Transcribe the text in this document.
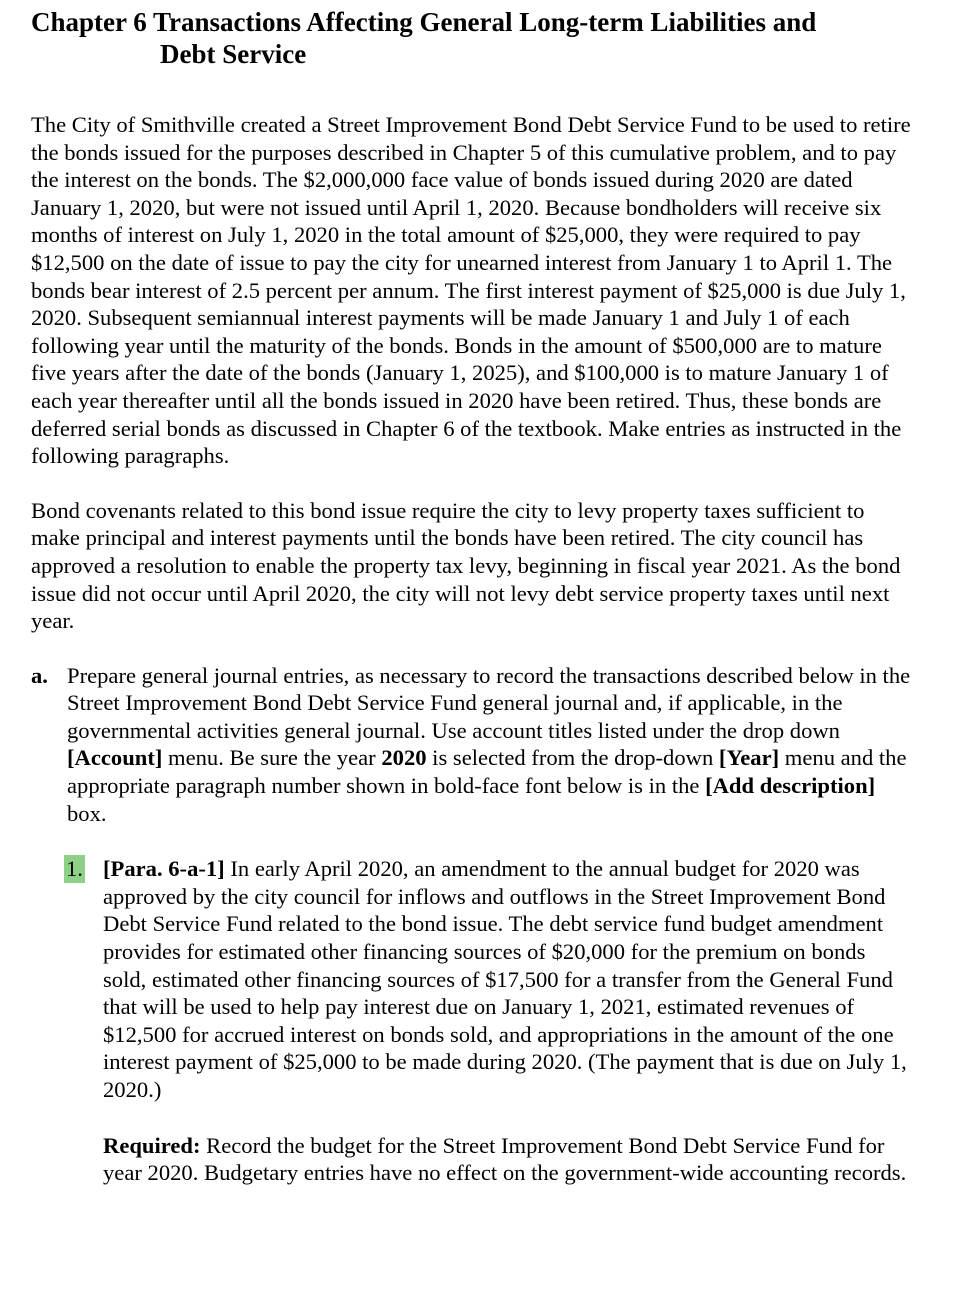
Chapter 6 Transactions Affecting General Long-term Liabilities and
Debt Service

The City of Smithville created a Street Improvement Bond Debt Service Fund to be used to retire the bonds issued for the purposes described in Chapter 5 of this cumulative problem, and to pay the interest on the bonds. The $2,000,000 face value of bonds issued during 2020 are dated January 1, 2020, but were not issued until April 1, 2020. Because bondholders will receive six months of interest on July 1, 2020 in the total amount of $25,000, they were required to pay $12,500 on the date of issue to pay the city for unearned interest from January 1 to April 1. The bonds bear interest of 2.5 percent per annum. The first interest payment of $25,000 is due July 1, 2020. Subsequent semiannual interest payments will be made January 1 and July 1 of each following year until the maturity of the bonds. Bonds in the amount of $500,000 are to mature five years after the date of the bonds (January 1, 2025), and $100,000 is to mature January 1 of each year thereafter until all the bonds issued in 2020 have been retired. Thus, these bonds are deferred serial bonds as discussed in Chapter 6 of the textbook. Make entries as instructed in the following paragraphs.

Bond covenants related to this bond issue require the city to levy property taxes sufficient to make principal and interest payments until the bonds have been retired. The city council has approved a resolution to enable the property tax levy, beginning in fiscal year 2021. As the bond issue did not occur until April 2020, the city will not levy debt service property taxes until next year.

a. Prepare general journal entries, as necessary to record the transactions described below in the Street Improvement Bond Debt Service Fund general journal and, if applicable, in the governmental activities general journal. Use account titles listed under the drop down [Account] menu. Be sure the year 2020 is selected from the drop-down [Year] menu and the appropriate paragraph number shown in bold-face font below is in the [Add description] box.
1. [Para. 6-a-1] In early April 2020, an amendment to the annual budget for 2020 was approved by the city council for inflows and outflows in the Street Improvement Bond Debt Service Fund related to the bond issue. The debt service fund budget amendment provides for estimated other financing sources of $20,000 for the premium on bonds sold, estimated other financing sources of $17,500 for a transfer from the General Fund that will be used to help pay interest due on January 1, 2021, estimated revenues of $12,500 for accrued interest on bonds sold, and appropriations in the amount of the one interest payment of $25,000 to be made during 2020. (The payment that is due on July 1, 2020.)
Required: Record the budget for the Street Improvement Bond Debt Service Fund for year 2020. Budgetary entries have no effect on the government-wide accounting records.
